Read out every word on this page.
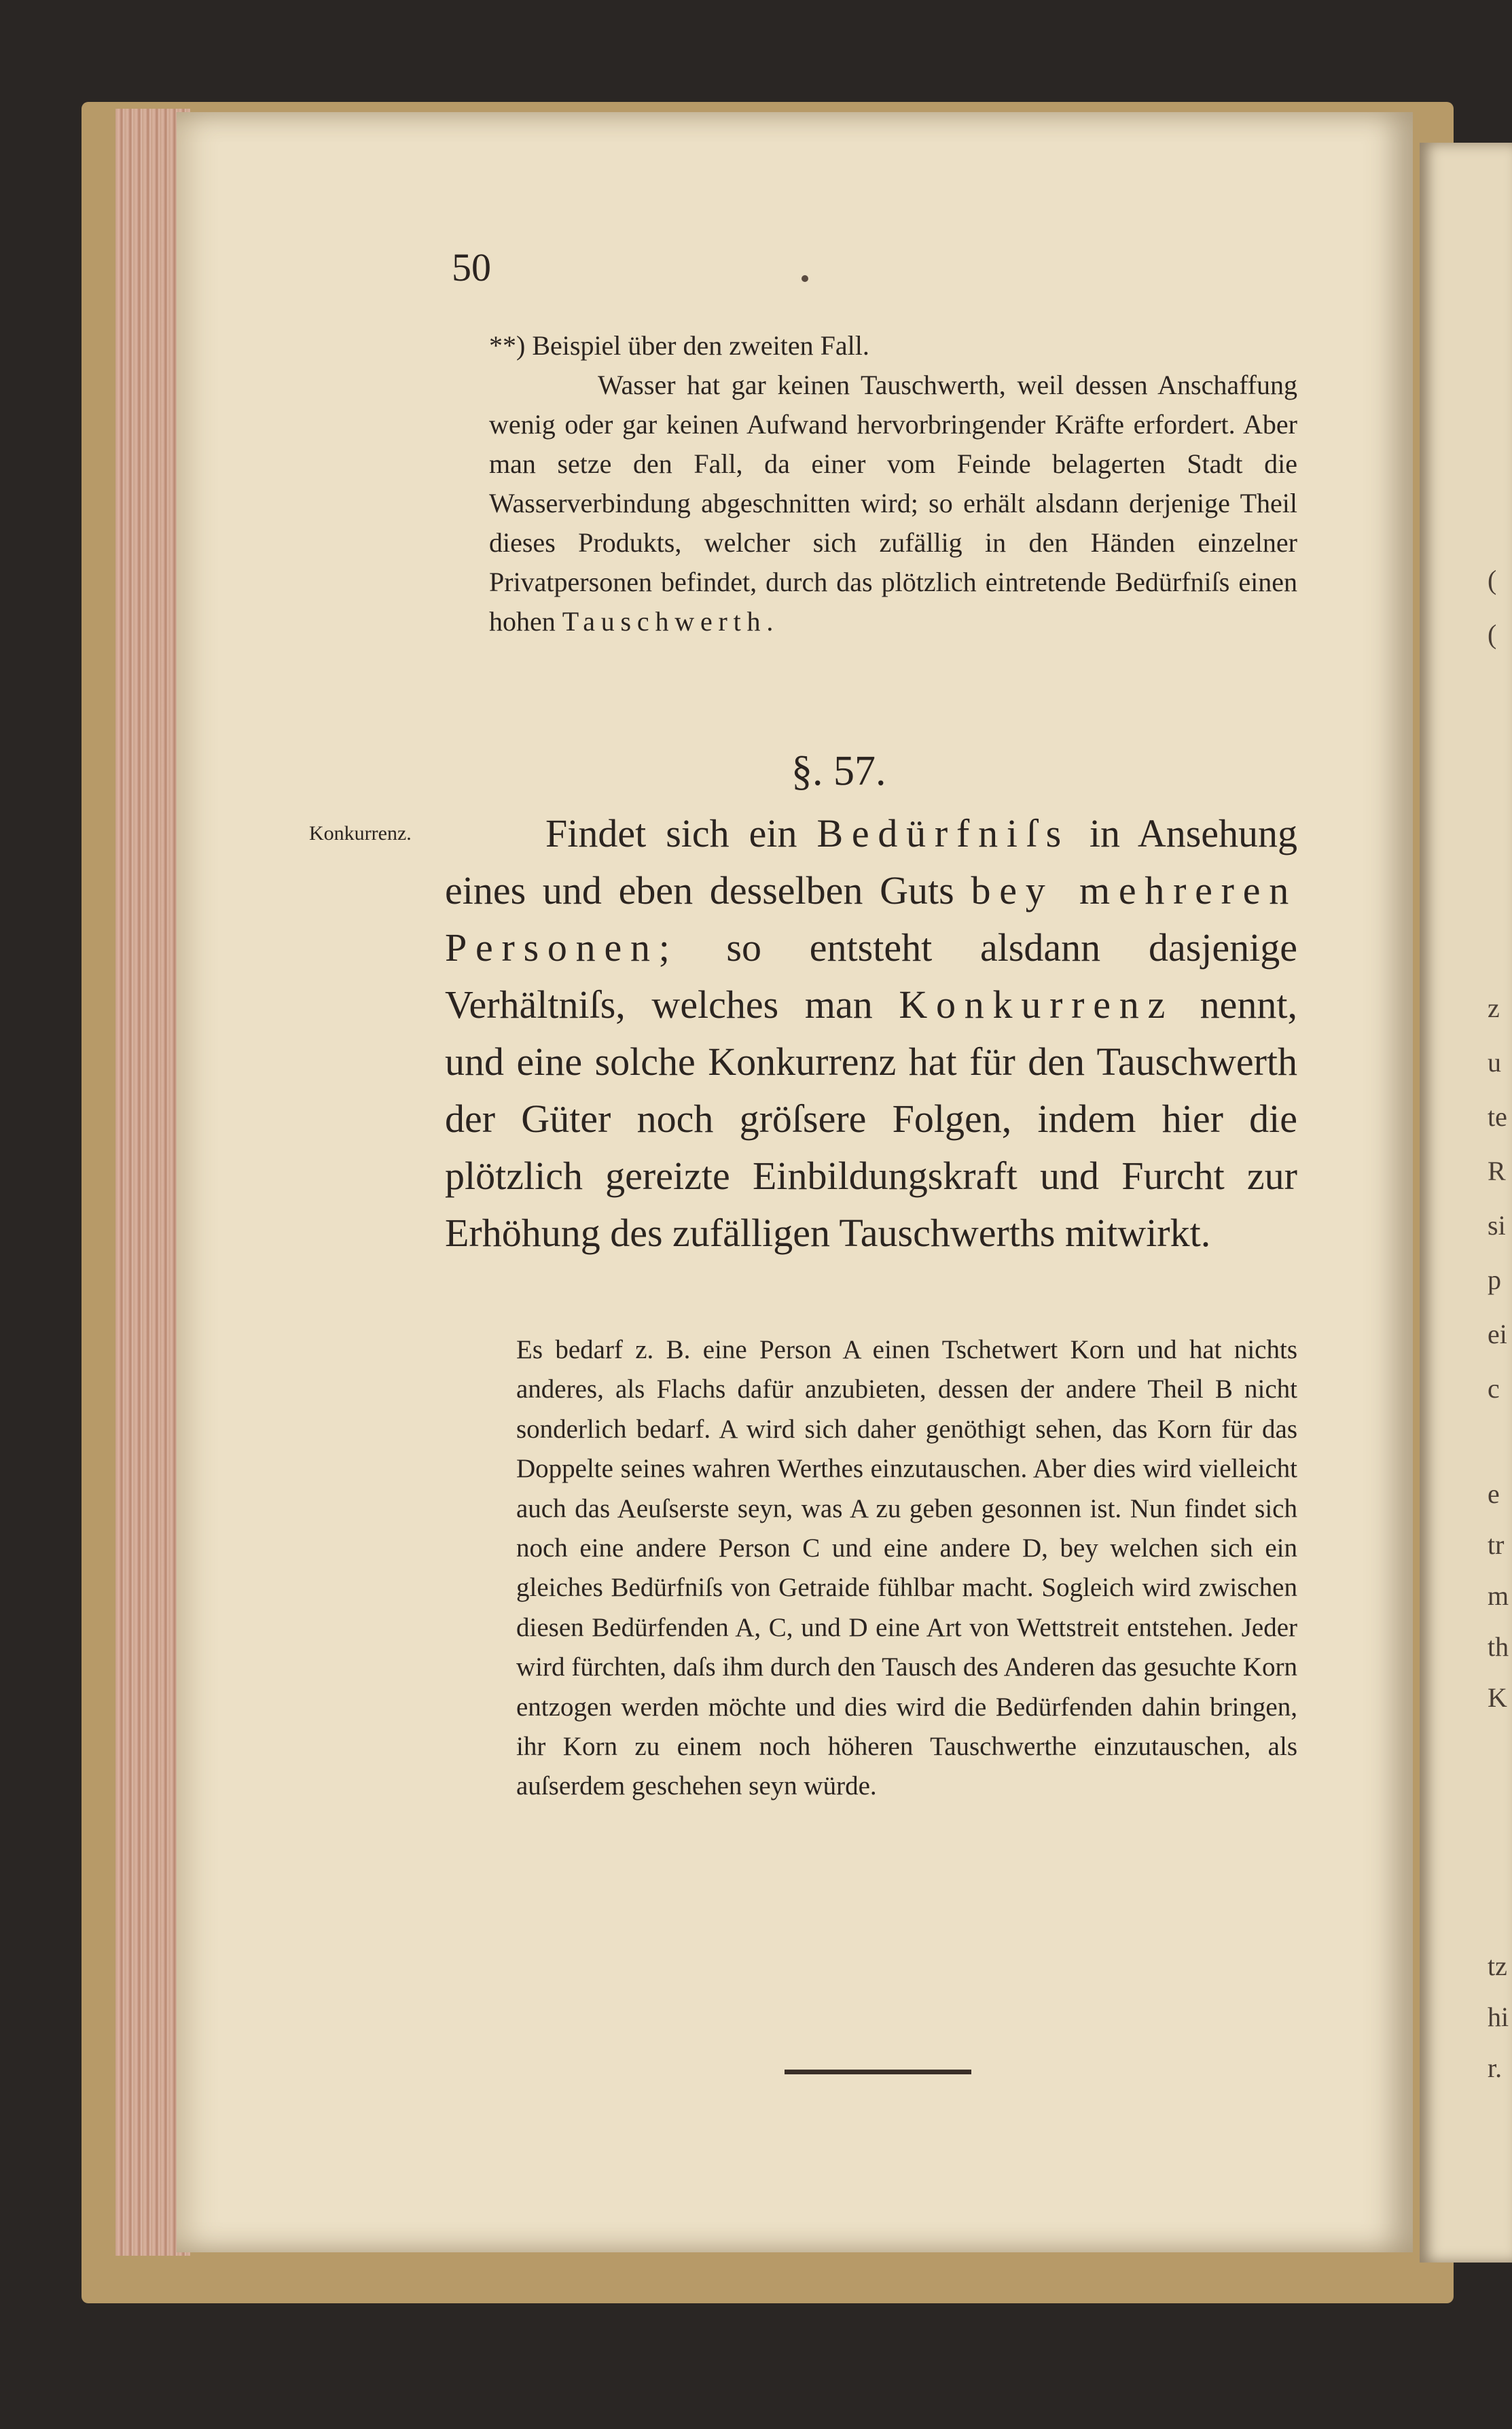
(
(
z
u
te
R
si
p
ei
c
e
tr
m
th
K
tz
hi
r.
50

**) Beispiel über den zweiten Fall.

Wasser hat gar keinen Tauschwerth, weil dessen Anschaffung wenig oder gar keinen Aufwand hervorbringender Kräfte erfordert. Aber man setze den Fall, da einer vom Feinde belagerten Stadt die Wasserverbindung abgeschnitten wird; so erhält alsdann derjenige Theil dieses Produkts, welcher sich zufällig in den Händen einzelner Privatpersonen befindet, durch das plötzlich eintretende Bedürfniſs einen hohen Tauschwerth.

§. 57.
Konkurrenz.	Findet sich ein Bedürfniſs in Ansehung eines und eben desselben Guts bey mehreren Personen; so entsteht alsdann dasjenige Verhältniſs, welches man Konkurrenz nennt, und eine solche Konkurrenz hat für den Tauschwerth der Güter noch gröſsere Folgen, indem hier die plötzlich gereizte Einbildungskraft und Furcht zur Erhöhung des zufälligen Tauschwerths mitwirkt.

Es bedarf z. B. eine Person A einen Tschetwert Korn und hat nichts anderes, als Flachs dafür anzubieten, dessen der andere Theil B nicht sonderlich bedarf. A wird sich daher genöthigt sehen, das Korn für das Doppelte seines wahren Werthes einzutauschen. Aber dies wird vielleicht auch das Aeuſserste seyn, was A zu geben gesonnen ist. Nun findet sich noch eine andere Person C und eine andere D, bey welchen sich ein gleiches Bedürfniſs von Getraide fühlbar macht. Sogleich wird zwischen diesen Bedürfenden A, C, und D eine Art von Wettstreit entstehen. Jeder wird fürchten, daſs ihm durch den Tausch des Anderen das gesuchte Korn entzogen werden möchte und dies wird die Bedürfenden dahin bringen, ihr Korn zu einem noch höheren Tauschwerthe einzutauschen, als auſserdem geschehen seyn würde.
